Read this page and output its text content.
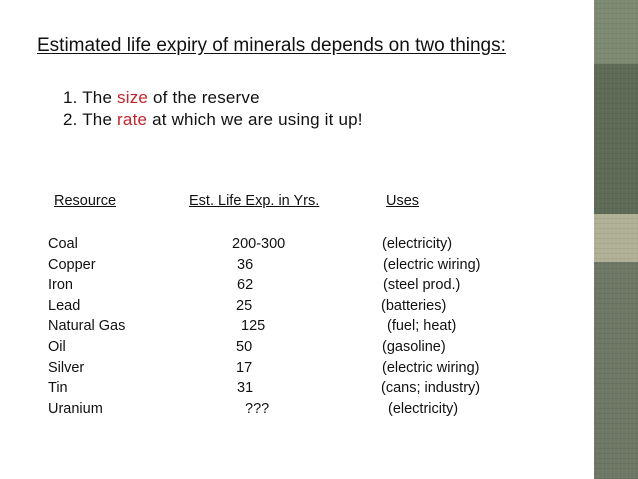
Estimated life expiry of minerals depends on two things:
1. The size of the reserve
2. The rate at which we are using it up!
Resource	Est. Life Exp. in Yrs.	Uses
Coal	200-300	(electricity)
Copper	36	(electric wiring)
Iron	62	(steel prod.)
Lead	25	(batteries)
Natural Gas	125	(fuel; heat)
Oil	50	(gasoline)
Silver	17	(electric wiring)
Tin	31	(cans; industry)
Uranium	???	(electricity)
